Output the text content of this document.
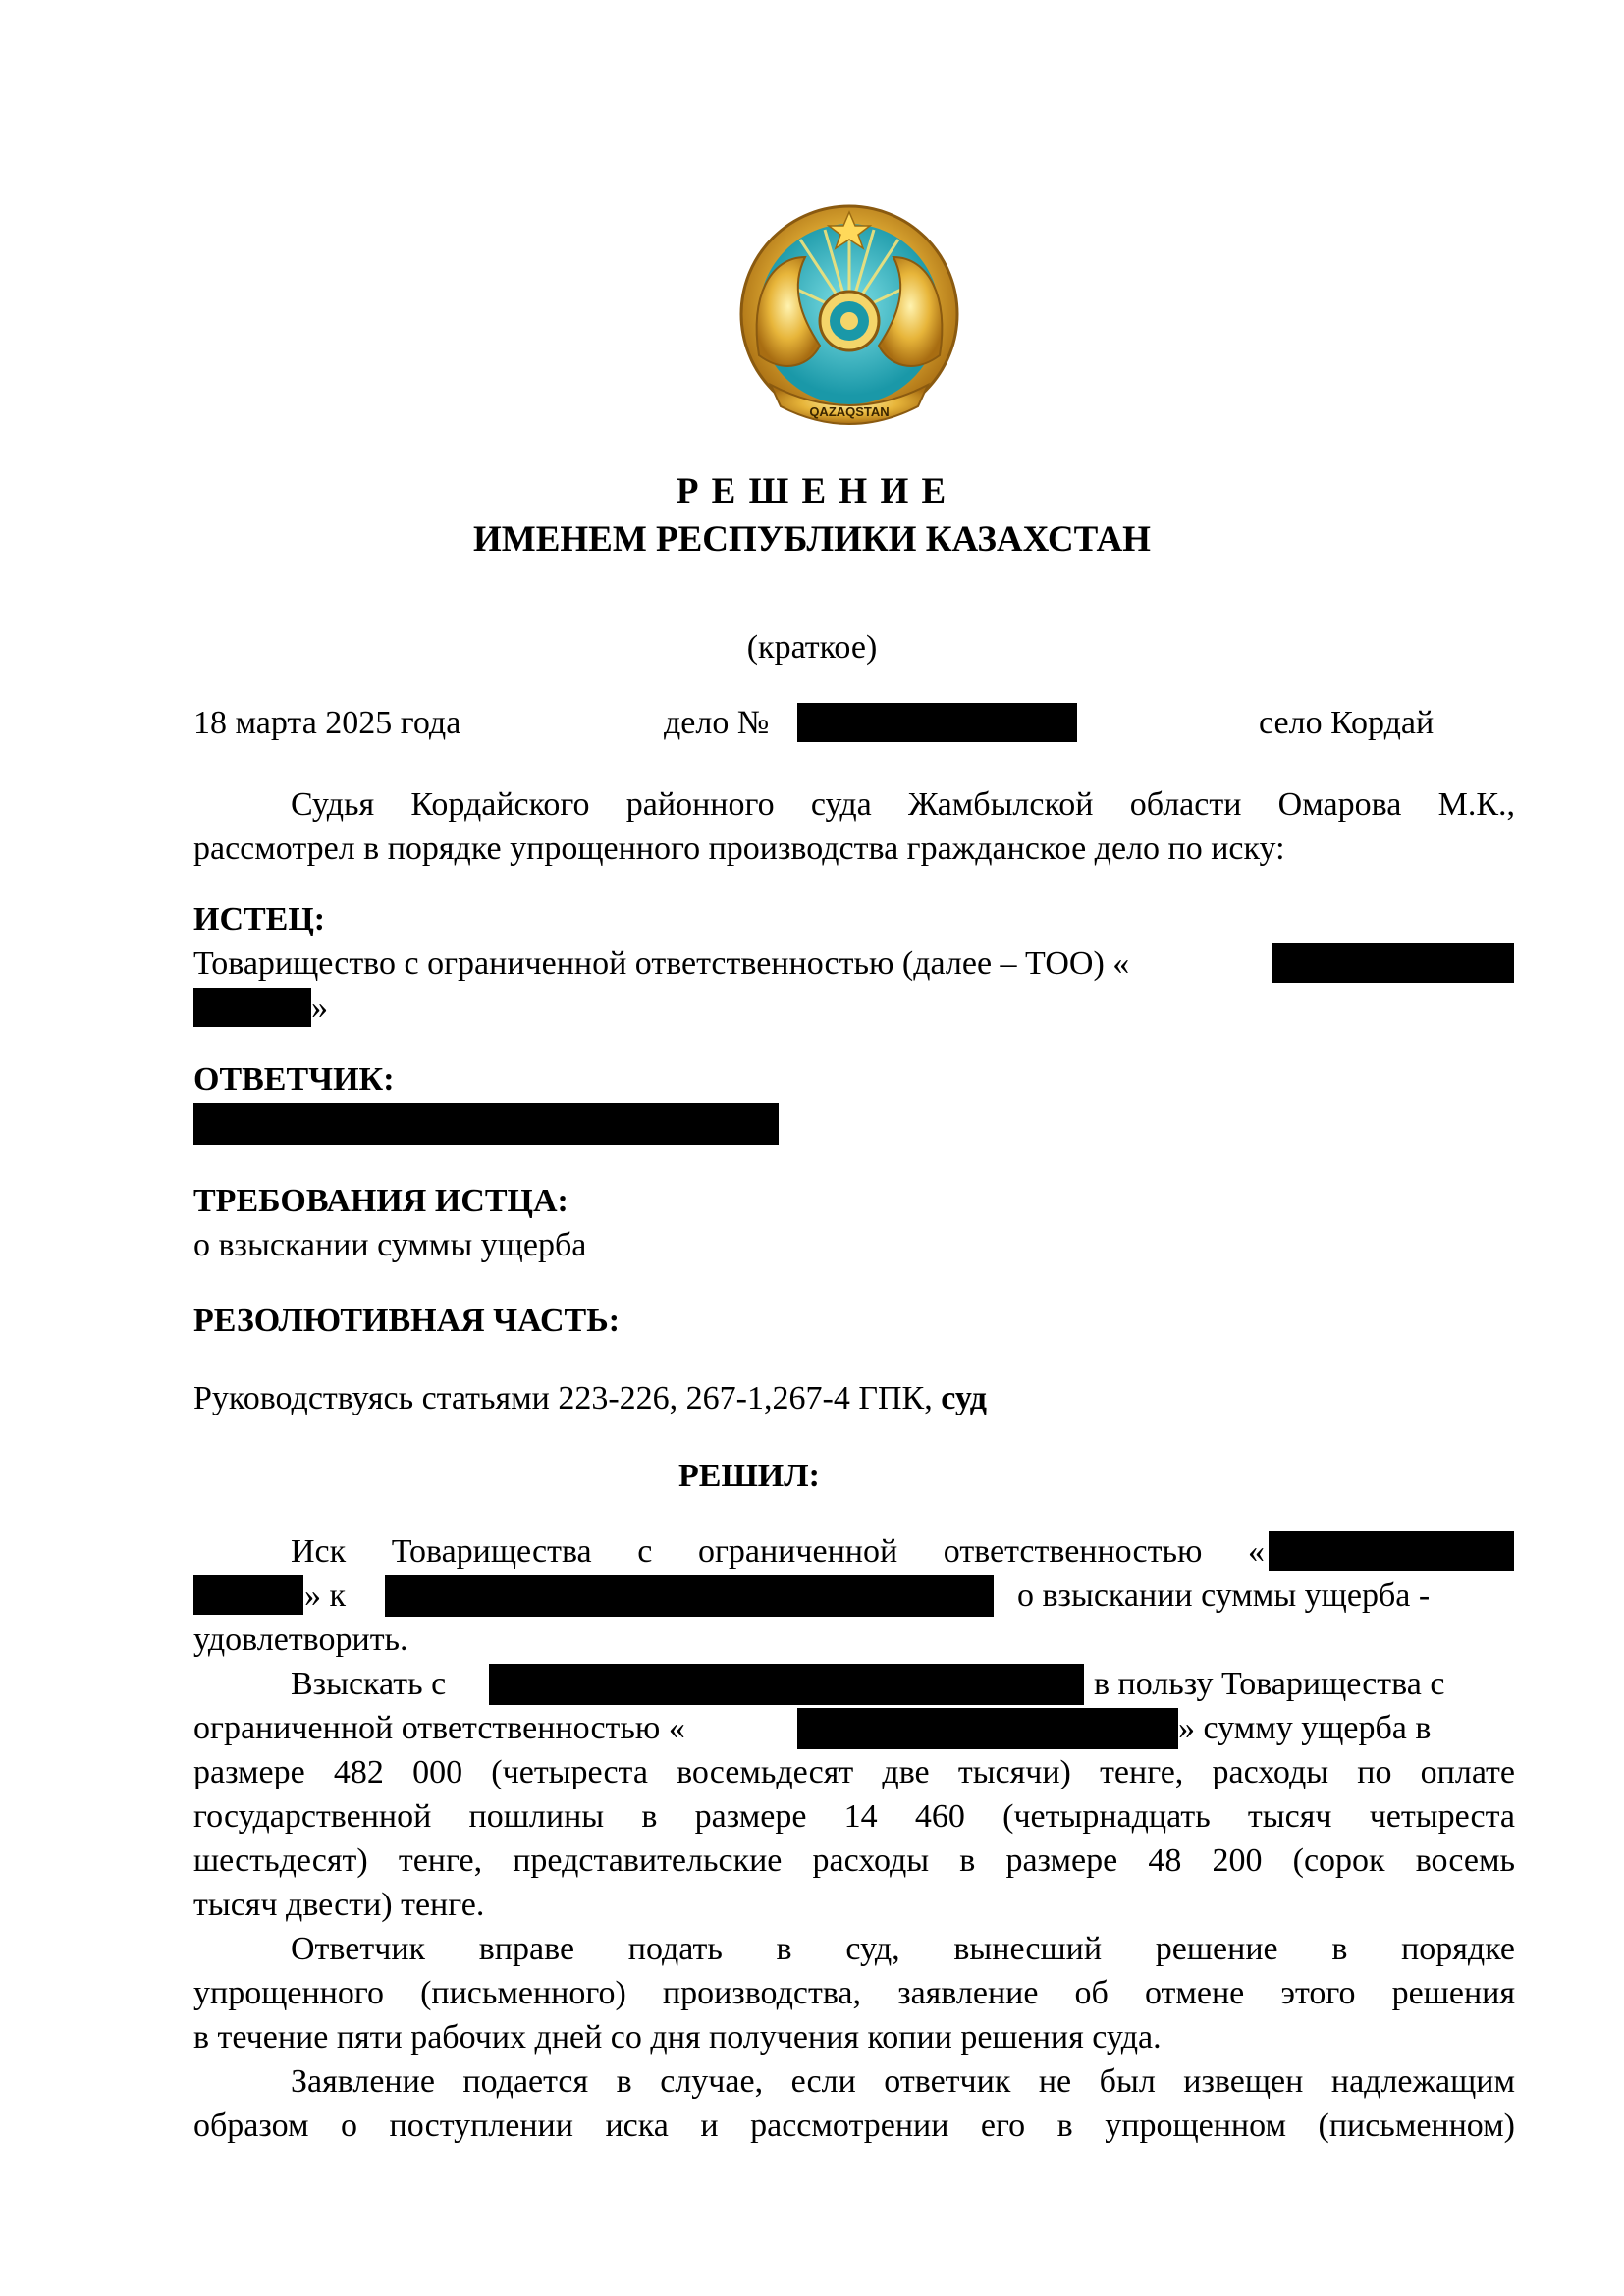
QAZAQSTAN
Р Е Ш Е Н И Е
ИМЕНЕМ РЕСПУБЛИКИ КАЗАХСТАН
(краткое)
18 марта 2025 года	дело №	село Кордай
Судья Кордайского районного суда Жамбылской области Омарова М.К.,
рассмотрел в порядке упрощенного производства гражданское дело по иску:
ИСТЕЦ:
Товарищество с ограниченной ответственностью (далее – ТОО) «
»
ОТВЕТЧИК:
ТРЕБОВАНИЯ ИСТЦА:
о взыскании суммы ущерба
РЕЗОЛЮТИВНАЯ ЧАСТЬ:
Руководствуясь статьями 223-226, 267-1,267-4 ГПК, суд
РЕШИЛ:
Иск Товарищества с ограниченной ответственностью «
» к	о взыскании суммы ущерба -
удовлетворить.
Взыскать с	в пользу Товарищества с
ограниченной ответственностью «	» сумму ущерба в
размере 482 000 (четыреста восемьдесят две тысячи) тенге, расходы по оплате
государственной пошлины в размере 14 460 (четырнадцать тысяч четыреста
шестьдесят) тенге, представительские расходы в размере 48 200 (сорок восемь
тысяч двести) тенге.
Ответчик вправе подать в суд, вынесший решение в порядке
упрощенного (письменного) производства, заявление об отмене этого решения
в течение пяти рабочих дней со дня получения копии решения суда.
Заявление подается в случае, если ответчик не был извещен надлежащим
образом о поступлении иска и рассмотрении его в упрощенном (письменном)
